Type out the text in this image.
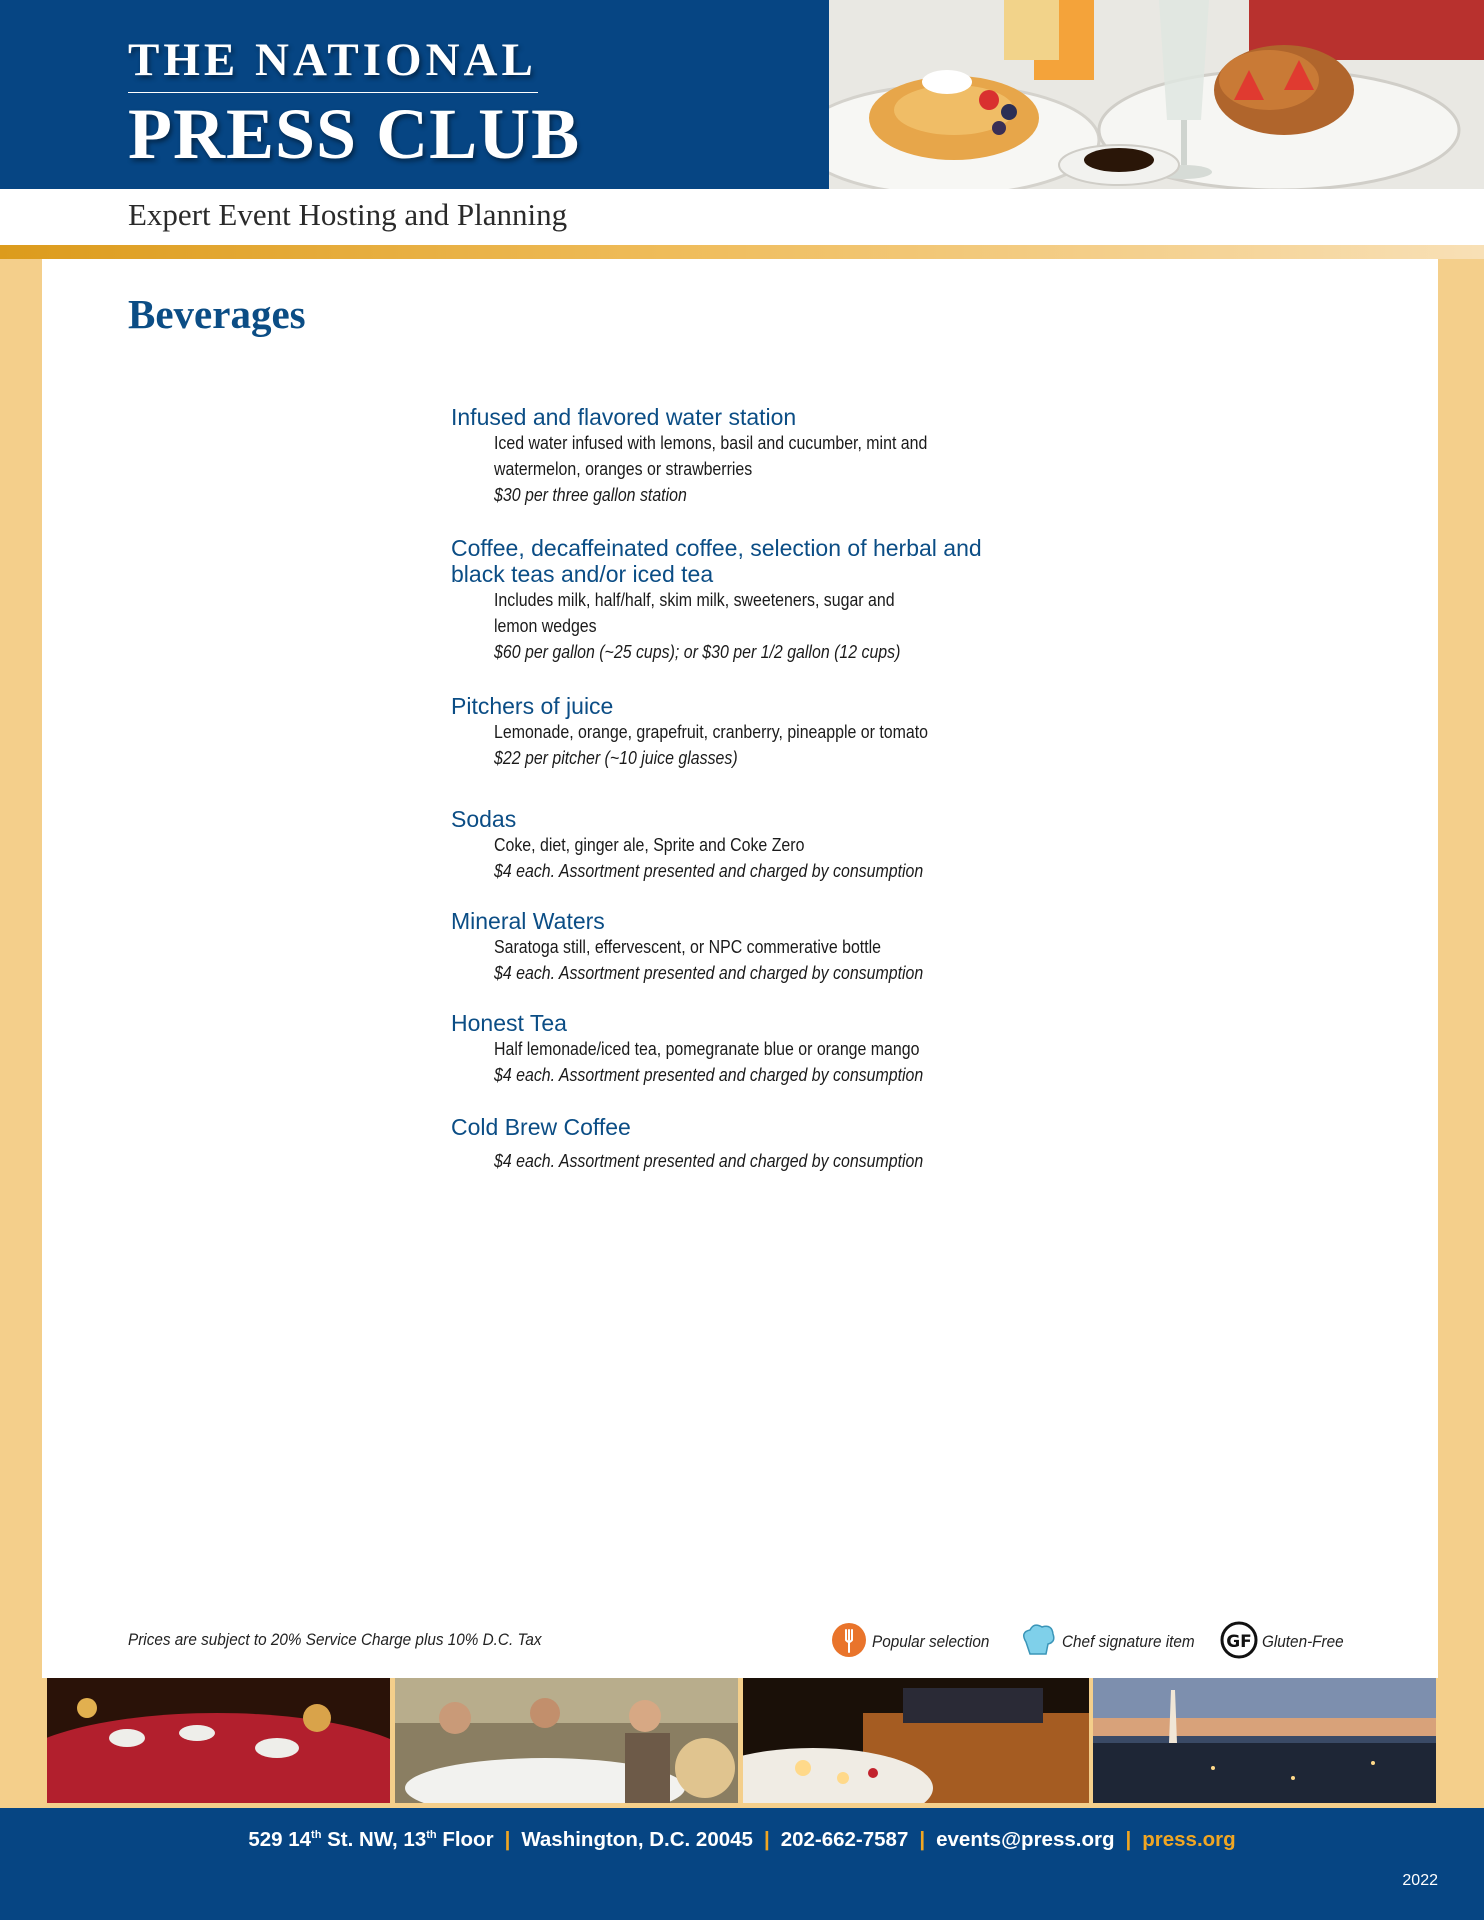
THE NATIONAL
PRESS CLUB
Expert Event Hosting and Planning
Beverages
Infused and flavored water station
Iced water infused with lemons, basil and cucumber, mint and
watermelon, oranges or strawberries
$30 per three gallon station
Coffee, decaffeinated coffee, selection of herbal and
black teas and/or iced tea
Includes milk, half/half, skim milk, sweeteners, sugar and
lemon wedges
$60 per gallon (~25 cups); or $30 per 1/2 gallon (12 cups)
Pitchers of juice
Lemonade, orange, grapefruit, cranberry, pineapple or tomato
$22 per pitcher (~10 juice glasses)
Sodas
Coke, diet, ginger ale, Sprite and Coke Zero
$4 each. Assortment presented and charged by consumption
Mineral Waters
Saratoga still, effervescent, or NPC commerative bottle
$4 each. Assortment presented and charged by consumption
Honest Tea
Half lemonade/iced tea, pomegranate blue or orange mango
$4 each. Assortment presented and charged by consumption
Cold Brew Coffee
$4 each. Assortment presented and charged by consumption
Prices are subject to 20% Service Charge plus 10% D.C. Tax	Popular selection	Chef signature item GF Gluten-Free
529 14th St. NW, 13th Floor | Washington, D.C. 20045 | 202-662-7587 | events@press.org | press.org
2022
